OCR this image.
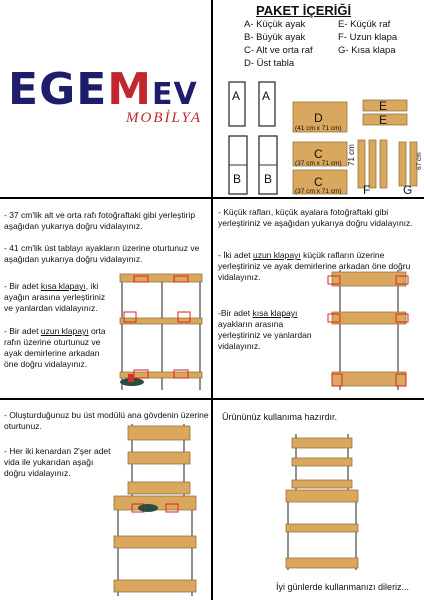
EGEMEV
MOBİLYA
PAKET İÇERİĞİ
A- Küçük ayak
B- Büyük ayak
C- Alt ve orta raf
D- Üst tabla
E- Küçük raf
F- Uzun klapa
G- Kısa klapa
A A
B B
D
(41 cm x 71 cm)
C
(37 cm x 71 cm)
C
(37 cm x 71 cm)
E
E
71 cm
F
67 cm
G
- 37 cm'lik alt ve orta rafı fotoğraftaki gibi yerleştirip aşağıdan yukarıya doğru vidalayınız.
- 41 cm'lik üst tablayı ayakların üzerine oturtunuz ve aşağıdan yukarıya doğru vidalayınız.
- Bir adet kısa klapayı, iki ayağın arasına yerleştiriniz ve yanlardan vidalayınız.
- Bir adet uzun klapayı orta rafın üzerine oturtunuz ve ayak demirlerine arkadan öne doğru vidalayınız.
- Küçük rafları, küçük ayalara fotoğraftaki gibi yerleştiriniz ve aşağıdan yukarıya doğru vidalayınız.
- İki adet uzun klapayı küçük rafların üzerine yerleştiriniz ve ayak demirlerine arkadan öne doğru vidalayınız.
-Bir adet kısa klapayı ayakların arasına yerleştiriniz ve yanlardan vidalayınız.
- Oluşturduğunuz bu üst modülü ana gövdenin üzerine oturtunuz.
- Her iki kenardan 2'şer adet vida ile yukarıdan aşağı doğru vidalayınız.
Ürününüz kullanıma hazırdır.
İyi günlerde kullanmanızı dileriz...
